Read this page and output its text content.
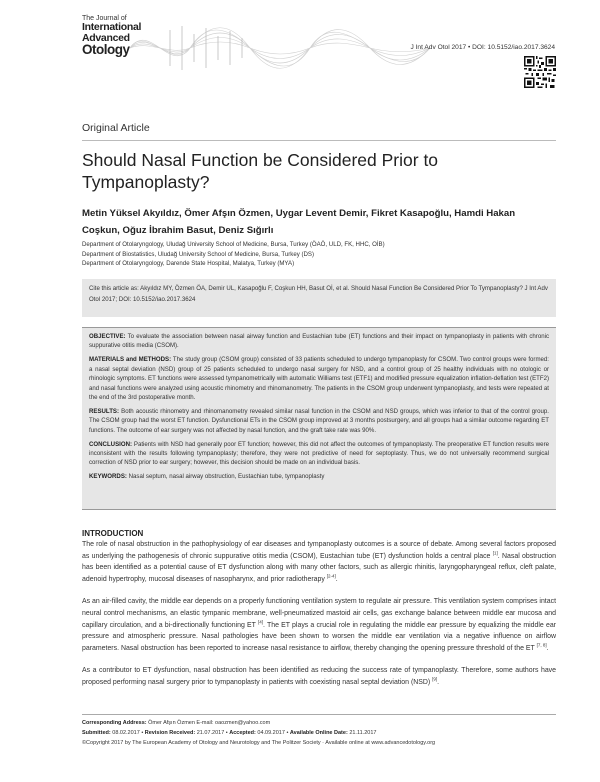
The Journal of
International
Advanced
Otology	J Int Adv Otol 2017 • DOI: 10.5152/iao.2017.3624
Original Article
Should Nasal Function be Considered Prior to Tympanoplasty?
Metin Yüksel Akyıldız, Ömer Afşın Özmen, Uygar Levent Demir, Fikret Kasapoğlu, Hamdi Hakan Coşkun, Oğuz İbrahim Basut, Deniz Sığırlı
Department of Otolaryngology, Uludağ University School of Medicine, Bursa, Turkey (ÖAÖ, ULD, FK, HHC, OİB)
Department of Biostatistics, Uludağ University School of Medicine, Bursa, Turkey (DS)
Department of Otolaryngology, Darende State Hospital, Malatya, Turkey (MYA)
Cite this article as: Akyıldız MY, Özmen ÖA, Demir UL, Kasapoğlu F, Coşkun HH, Basut Oİ, et al. Should Nasal Function Be Considered Prior To Tympanoplasty? J Int Adv Otol 2017; DOI: 10.5152/iao.2017.3624

OBJECTIVE: To evaluate the association between nasal airway function and Eustachian tube (ET) functions and their impact on tympanoplasty in patients with chronic suppurative otitis media (CSOM).

MATERIALS and METHODS: The study group (CSOM group) consisted of 33 patients scheduled to undergo tympanoplasty for CSOM. Two control groups were formed: a nasal septal deviation (NSD) group of 25 patients scheduled to undergo nasal surgery for NSD, and a control group of 25 healthy individuals with no otologic or rhinologic symptoms. ET functions were assessed tympanometrically with automatic Williams test (ETF1) and modified pressure equalization inflation-deflation test (ETF2) and nasal functions were analyzed using acoustic rhinometry and rhinomanometry. The patients in the CSOM group underwent tympanoplasty, and tests were repeated at the end of the 3rd postoperative month.

RESULTS: Both acoustic rhinometry and rhinomanometry revealed similar nasal function in the CSOM and NSD groups, which was inferior to that of the control group. The CSOM group had the worst ET function. Dysfunctional ETs in the CSOM group improved at 3 months postsurgery, and all groups had a similar outcome regarding ET functions. The outcome of ear surgery was not affected by nasal function, and the graft take rate was 90%.

CONCLUSION: Patients with NSD had generally poor ET function; however, this did not affect the outcomes of tympanoplasty. The preoperative ET function results were inconsistent with the results following tympanoplasty; therefore, they were not predictive of need for septoplasty. Thus, we do not universally recommend surgical correction of NSD prior to ear surgery; however, this decision should be made on an individual basis.

KEYWORDS: Nasal septum, nasal airway obstruction, Eustachian tube, tympanoplasty

INTRODUCTION

The role of nasal obstruction in the pathophysiology of ear diseases and tympanoplasty outcomes is a source of debate. Among several factors proposed as underlying the pathogenesis of chronic suppurative otitis media (CSOM), Eustachian tube (ET) dysfunction holds a central place [1]. Nasal obstruction has been identified as a potential cause of ET dysfunction along with many other factors, such as allergic rhinitis, laryngopharyngeal reflux, cleft palate, adenoid hypertrophy, mucosal diseases of nasopharynx, and prior radiotherapy [2-4].

As an air-filled cavity, the middle ear depends on a properly functioning ventilation system to regulate air pressure. This ventilation system comprises intact neural control mechanisms, an elastic tympanic membrane, well-pneumatized mastoid air cells, gas exchange balance between middle ear mucosa and capillary circulation, and a bi-directionally functioning ET [4]. The ET plays a crucial role in regulating the middle ear pressure by equalizing the middle ear pressure and atmospheric pressure. Nasal pathologies have been shown to worsen the middle ear ventilation via a negative influence on airflow parameters. Nasal obstruction has been reported to increase nasal resistance to airflow, thereby changing the opening pressure threshold of the ET [7, 8].

As a contributor to ET dysfunction, nasal obstruction has been identified as reducing the success rate of tympanoplasty. Therefore, some authors have proposed performing nasal surgery prior to tympanoplasty in patients with coexisting nasal septal deviation (NSD) [9].

Corresponding Address: Ömer Afşın Özmen E-mail: oaozmen@yahoo.com
Submitted: 08.02.2017 • Revision Received: 21.07.2017 • Accepted: 04.09.2017 • Available Online Date: 21.11.2017
©Copyright 2017 by The European Academy of Otology and Neurotology and The Politzer Society · Available online at www.advancedotology.org
